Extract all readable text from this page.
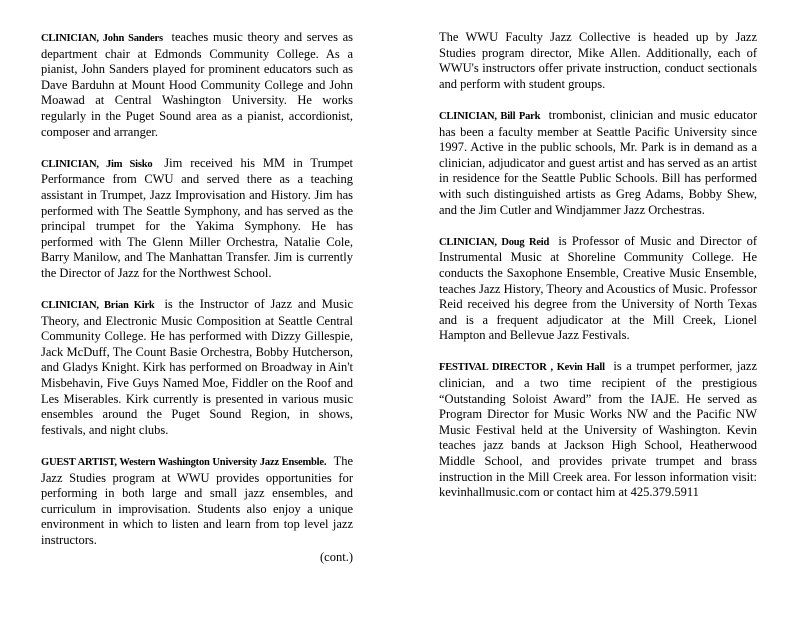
CLINICIAN, John Sanders teaches music theory and serves as department chair at Edmonds Community College. As a pianist, John Sanders played for prominent educators such as Dave Barduhn at Mount Hood Community College and John Moawad at Central Washington University. He works regularly in the Puget Sound area as a pianist, accordionist, composer and arranger.

CLINICIAN, Jim Sisko Jim received his MM in Trumpet Performance from CWU and served there as a teaching assistant in Trumpet, Jazz Improvisation and History. Jim has performed with The Seattle Symphony, and has served as the principal trumpet for the Yakima Symphony. He has performed with The Glenn Miller Orchestra, Natalie Cole, Barry Manilow, and The Manhattan Transfer. Jim is currently the Director of Jazz for the Northwest School.

CLINICIAN, Brian Kirk is the Instructor of Jazz and Music Theory, and Electronic Music Composition at Seattle Central Community College. He has performed with Dizzy Gillespie, Jack McDuff, The Count Basie Orchestra, Bobby Hutcherson, and Gladys Knight. Kirk has performed on Broadway in Ain't Misbehavin, Five Guys Named Moe, Fiddler on the Roof and Les Miserables. Kirk currently is presented in various music ensembles around the Puget Sound Region, in shows, festivals, and night clubs.

GUEST ARTIST, Western Washington University Jazz Ensemble. The Jazz Studies program at WWU provides opportunities for performing in both large and small jazz ensembles, and curriculum in improvisation. Students also enjoy a unique environment in which to listen and learn from top level jazz instructors.

(cont.)

The WWU Faculty Jazz Collective is headed up by Jazz Studies program director, Mike Allen. Additionally, each of WWU's instructors offer private instruction, conduct sectionals and perform with student groups.

CLINICIAN, Bill Park trombonist, clinician and music educator has been a faculty member at Seattle Pacific University since 1997. Active in the public schools, Mr. Park is in demand as a clinician, adjudicator and guest artist and has served as an artist in residence for the Seattle Public Schools. Bill has performed with such distinguished artists as Greg Adams, Bobby Shew, and the Jim Cutler and Windjammer Jazz Orchestras.

CLINICIAN, Doug Reid is Professor of Music and Director of Instrumental Music at Shoreline Community College. He conducts the Saxophone Ensemble, Creative Music Ensemble, teaches Jazz History, Theory and Acoustics of Music. Professor Reid received his degree from the University of North Texas and is a frequent adjudicator at the Mill Creek, Lionel Hampton and Bellevue Jazz Festivals.

FESTIVAL DIRECTOR , Kevin Hall is a trumpet performer, jazz clinician, and a two time recipient of the prestigious “Outstanding Soloist Award” from the IAJE. He served as Program Director for Music Works NW and the Pacific NW Music Festival held at the University of Washington. Kevin teaches jazz bands at Jackson High School, Heatherwood Middle School, and provides private trumpet and brass instruction in the Mill Creek area. For lesson information visit: kevinhallmusic.com or contact him at 425.379.5911
